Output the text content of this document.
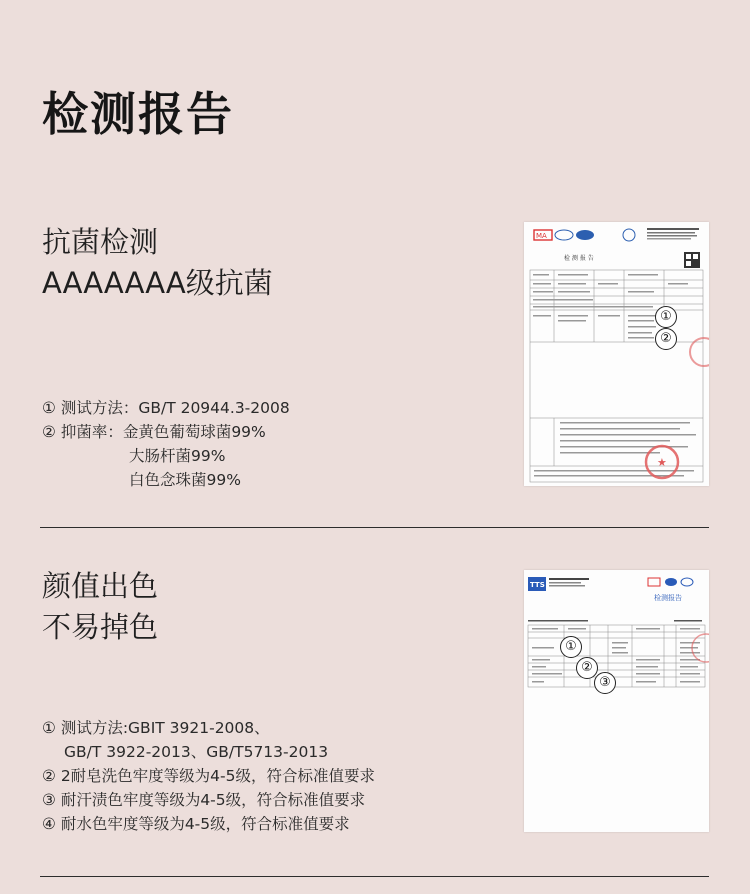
检测报告
抗菌检测
AAAAAAA级抗菌
① 测试方法：GB/T 20944.3-2008
② 抑菌率：金黄色葡萄球菌99%
大肠杆菌99%
白色念珠菌99%
MA
检 测 报 告
★
①
②
颜值出色
不易掉色
① 测试方法:GBIT 3921-2008、
GB/T 3922-2013、GB/T5713-2013
② 2耐皂洗色牢度等级为4-5级，符合标准值要求
③ 耐汗渍色牢度等级为4-5级，符合标准值要求
④ 耐水色牢度等级为4-5级，符合标准值要求
TTS
检测报告
①
②
③
